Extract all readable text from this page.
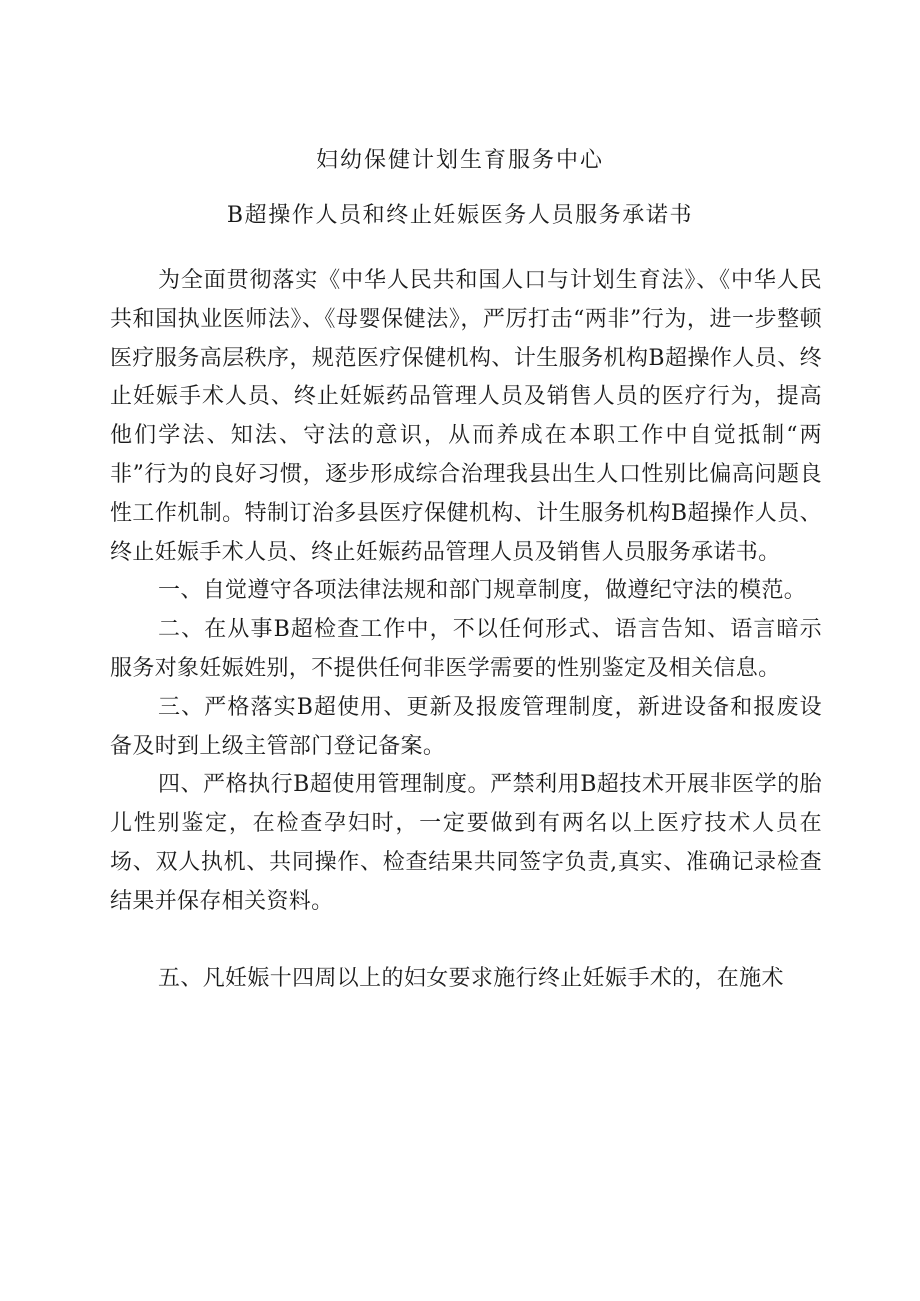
妇幼保健计划生育服务中心
B超操作人员和终止妊娠医务人员服务承诺书

为全面贯彻落实《中华人民共和国人口与计划生育法》、《中华人民共和国执业医师法》、《母婴保健法》，严厉打击“两非”行为，进一步整顿医疗服务高层秩序，规范医疗保健机构、计生服务机构B超操作人员、终止妊娠手术人员、终止妊娠药品管理人员及销售人员的医疗行为，提高他们学法、知法、守法的意识，从而养成在本职工作中自觉抵制“两非”行为的良好习惯，逐步形成综合治理我县出生人口性别比偏高问题良性工作机制。特制订治多县医疗保健机构、计生服务机构B超操作人员、终止妊娠手术人员、终止妊娠药品管理人员及销售人员服务承诺书。

一、自觉遵守各项法律法规和部门规章制度，做遵纪守法的模范。

二、在从事B超检查工作中，不以任何形式、语言告知、语言暗示服务对象妊娠姓别，不提供任何非医学需要的性别鉴定及相关信息。

三、严格落实B超使用、更新及报废管理制度，新进设备和报废设备及时到上级主管部门登记备案。

四、严格执行B超使用管理制度。严禁利用B超技术开展非医学的胎儿性别鉴定，在检查孕妇时，一定要做到有两名以上医疗技术人员在场、双人执机、共同操作、检查结果共同签字负责,真实、准确记录检查结果并保存相关资料。

五、凡妊娠十四周以上的妇女要求施行终止妊娠手术的，在施术
